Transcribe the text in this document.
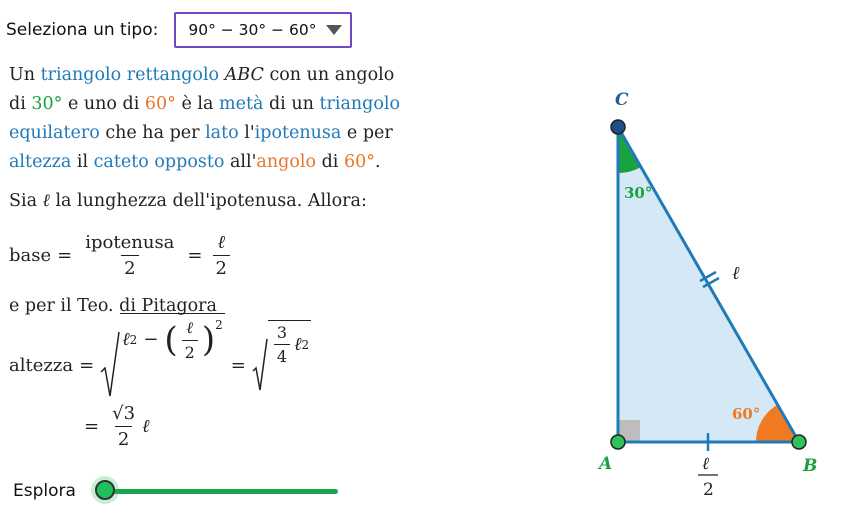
Seleziona un tipo: 90° − 30° − 60°

Un triangolo rettangolo ABC con un angolo

di 30° e uno di 60° è la metà di un triangolo

equilatero che ha per lato l'ipotenusa e per

altezza il cateto opposto all'angolo di 60°.

Sia ℓ la lunghezza dell'ipotenusa. Allora:
base = $\frac{\text{ipotenusa}}{2} = \frac{\text{ℓ}}{2}$
e per il Teo. di Pitagora
altezza =
ℓ 2 − ( $\frac{\text{ℓ}}{2} )^2$
= $\frac{3}{4}$ ℓ 2
= $\frac{√3}{2}$ ℓ
Esplora
C
A	B
30°
60°
ℓ
ℓ
2
